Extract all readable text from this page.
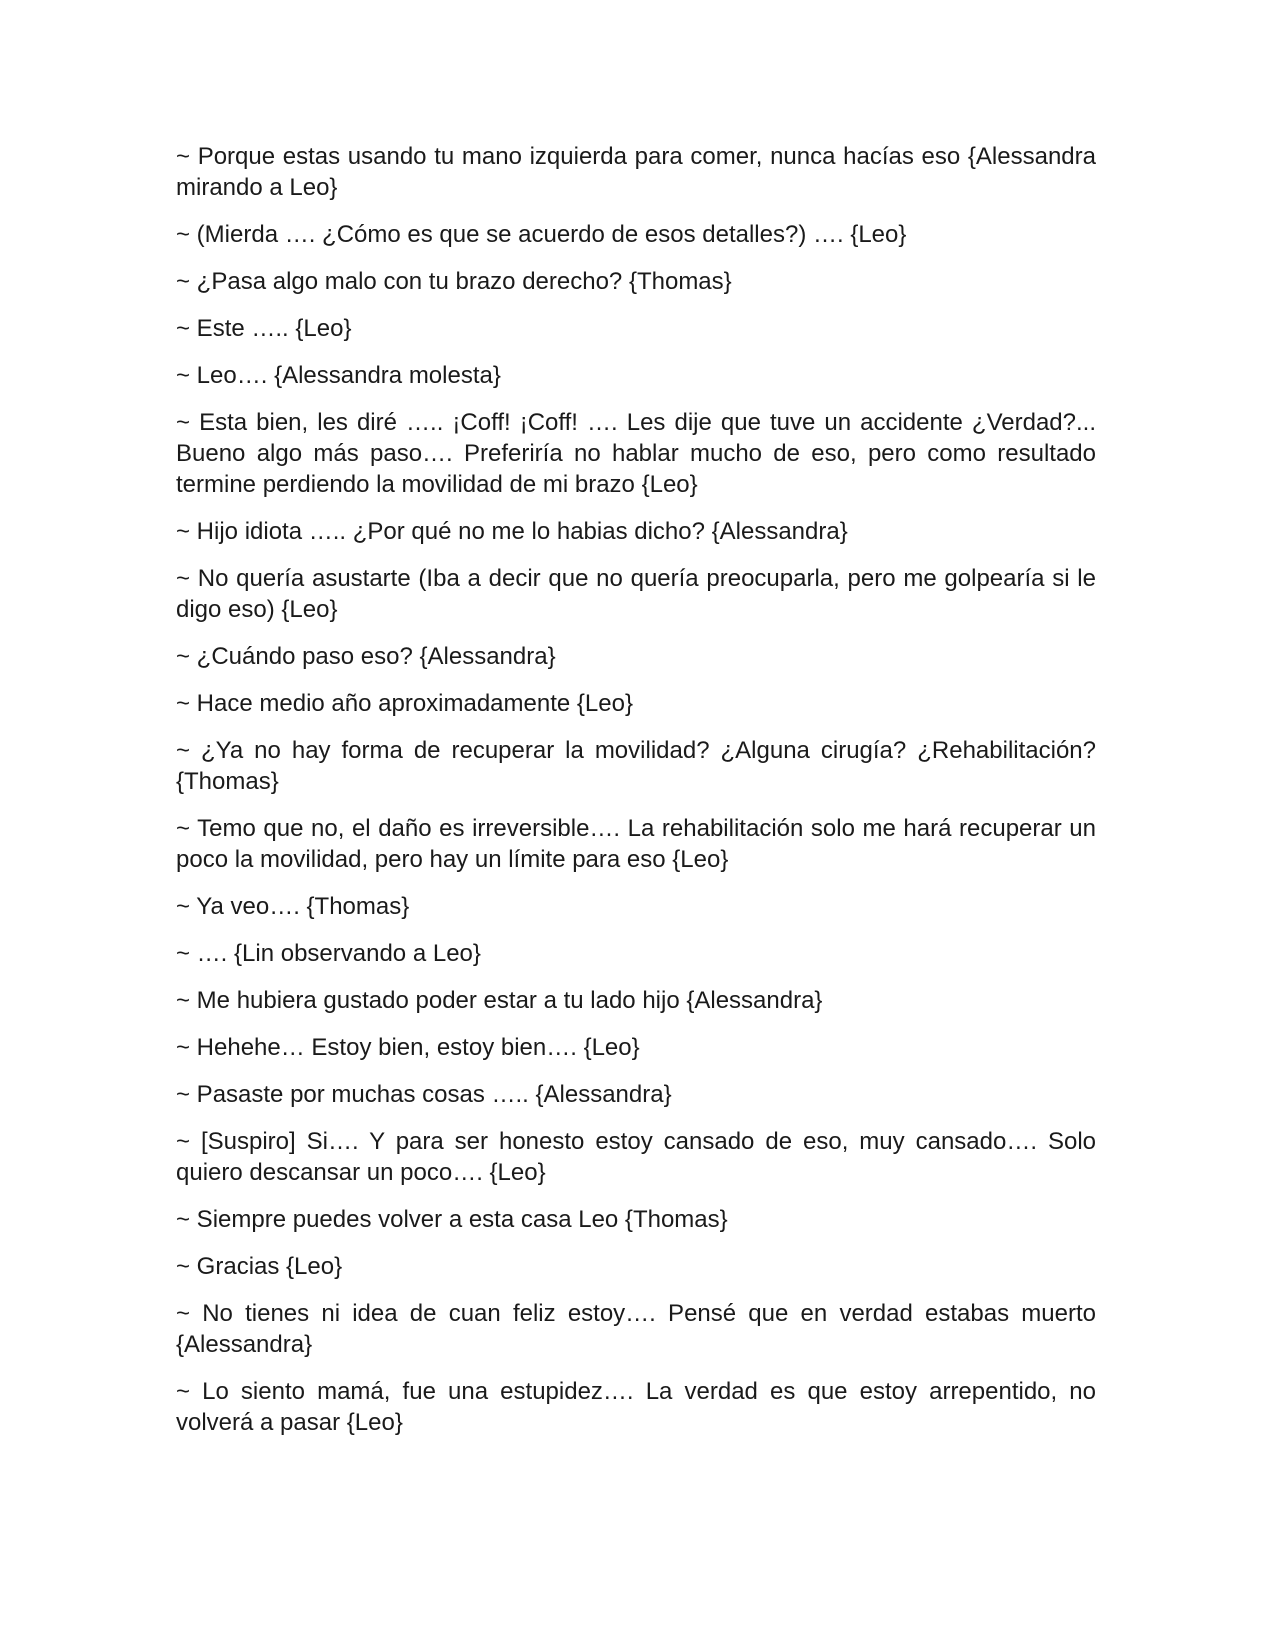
~ Porque estas usando tu mano izquierda para comer, nunca hacías eso {Alessandra mirando a Leo}

~ (Mierda …. ¿Cómo es que se acuerdo de esos detalles?) …. {Leo}

~ ¿Pasa algo malo con tu brazo derecho? {Thomas}

~ Este ….. {Leo}

~ Leo…. {Alessandra molesta}

~ Esta bien, les diré ….. ¡Coff! ¡Coff! …. Les dije que tuve un accidente ¿Verdad?... Bueno algo más paso…. Preferiría no hablar mucho de eso, pero como resultado termine perdiendo la movilidad de mi brazo {Leo}

~ Hijo idiota ….. ¿Por qué no me lo habias dicho? {Alessandra}

~ No quería asustarte (Iba a decir que no quería preocuparla, pero me golpearía si le digo eso) {Leo}

~ ¿Cuándo paso eso? {Alessandra}

~ Hace medio año aproximadamente {Leo}

~ ¿Ya no hay forma de recuperar la movilidad? ¿Alguna cirugía? ¿Rehabilitación? {Thomas}

~ Temo que no, el daño es irreversible…. La rehabilitación solo me hará recuperar un poco la movilidad, pero hay un límite para eso {Leo}

~ Ya veo…. {Thomas}

~ …. {Lin observando a Leo}

~ Me hubiera gustado poder estar a tu lado hijo {Alessandra}

~ Hehehe… Estoy bien, estoy bien…. {Leo}

~ Pasaste por muchas cosas ….. {Alessandra}

~ [Suspiro] Si…. Y para ser honesto estoy cansado de eso, muy cansado…. Solo quiero descansar un poco…. {Leo}

~ Siempre puedes volver a esta casa Leo {Thomas}

~ Gracias {Leo}

~ No tienes ni idea de cuan feliz estoy…. Pensé que en verdad estabas muerto {Alessandra}

~ Lo siento mamá, fue una estupidez…. La verdad es que estoy arrepentido, no volverá a pasar {Leo}
